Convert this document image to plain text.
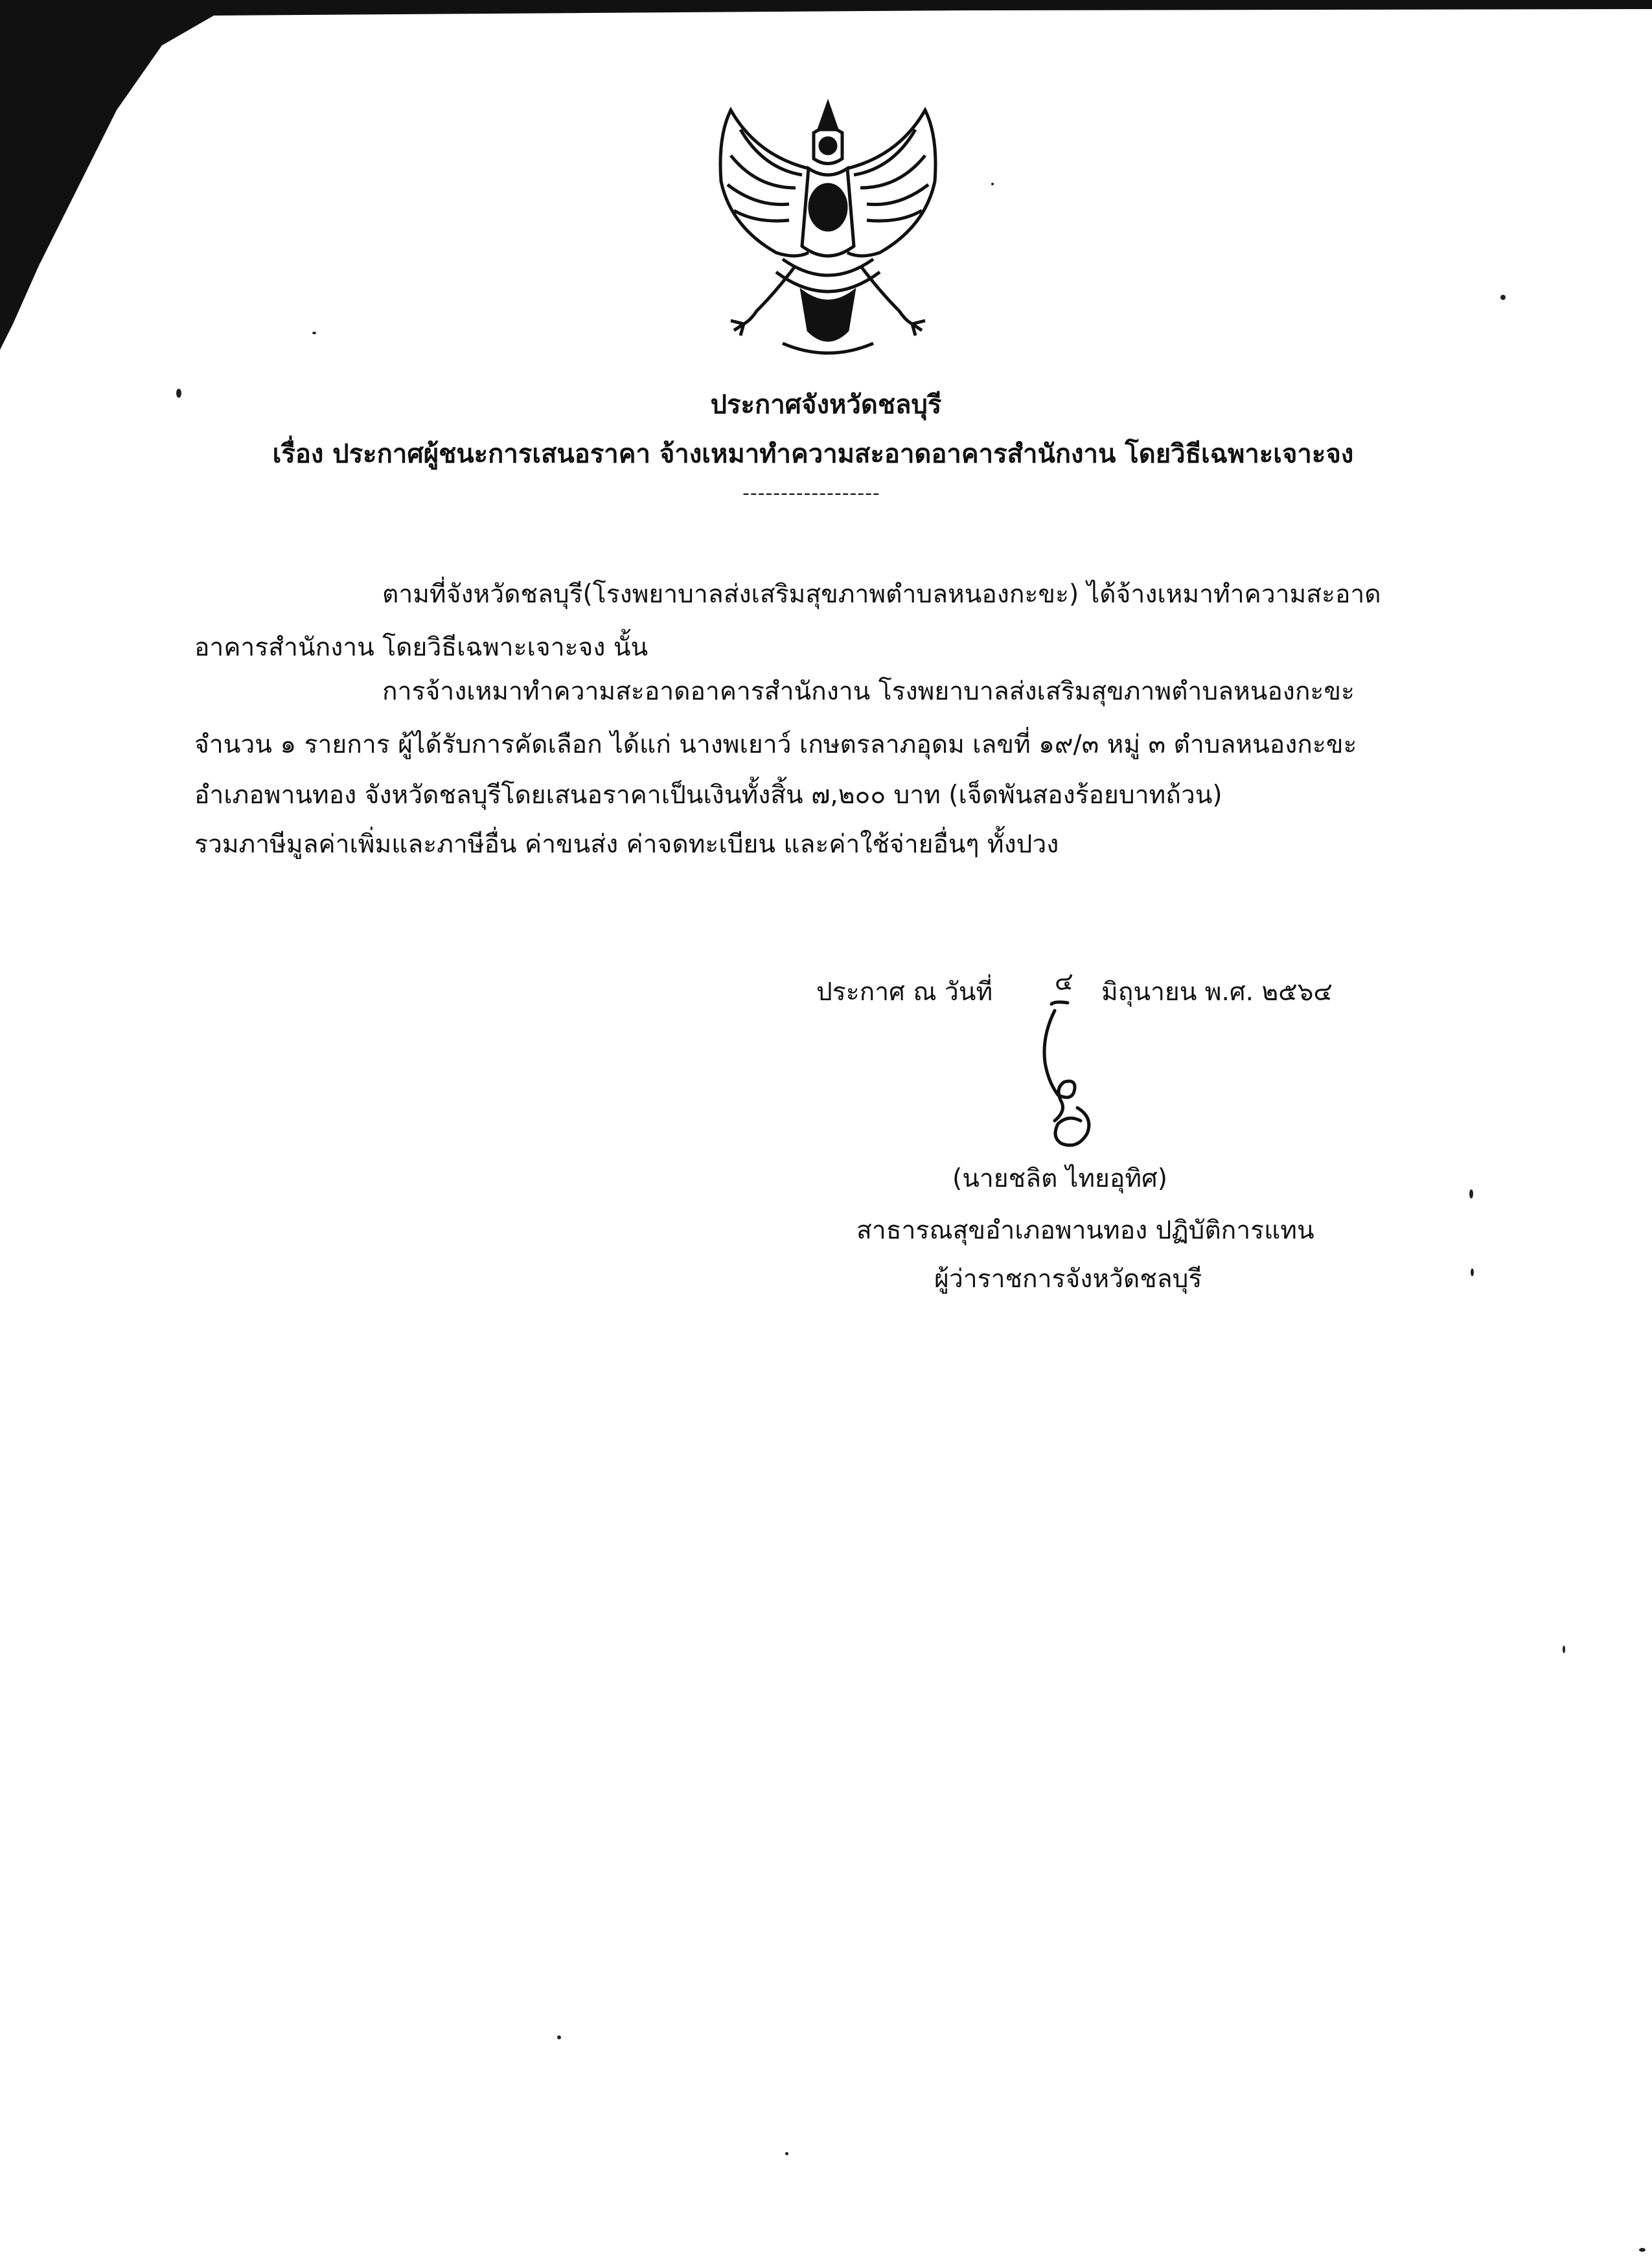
ประกาศจังหวัดชลบุรี
เรื่อง ประกาศผู้ชนะการเสนอราคา จ้างเหมาทำความสะอาดอาคารสำนักงาน โดยวิธีเฉพาะเจาะจง
------------------
ตามที่จังหวัดชลบุรี(โรงพยาบาลส่งเสริมสุขภาพตำบลหนองกะขะ) ได้จ้างเหมาทำความสะอาด
อาคารสำนักงาน โดยวิธีเฉพาะเจาะจง นั้น
การจ้างเหมาทำความสะอาดอาคารสำนักงาน โรงพยาบาลส่งเสริมสุขภาพตำบลหนองกะขะ
จำนวน ๑ รายการ ผู้ได้รับการคัดเลือก ได้แก่ นางพเยาว์ เกษตรลาภอุดม เลขที่ ๑๙/๓ หมู่ ๓ ตำบลหนองกะขะ
อำเภอพานทอง จังหวัดชลบุรีโดยเสนอราคาเป็นเงินทั้งสิ้น ๗,๒๐๐ บาท (เจ็ดพันสองร้อยบาทถ้วน)
รวมภาษีมูลค่าเพิ่มและภาษีอื่น ค่าขนส่ง ค่าจดทะเบียน และค่าใช้จ่ายอื่นๆ ทั้งปวง
ประกาศ ณ วันที่	๔ มิถุนายน พ.ศ. ๒๕๖๔
(นายชลิต ไทยอุทิศ)
สาธารณสุขอำเภอพานทอง ปฏิบัติการแทน
ผู้ว่าราชการจังหวัดชลบุรี
